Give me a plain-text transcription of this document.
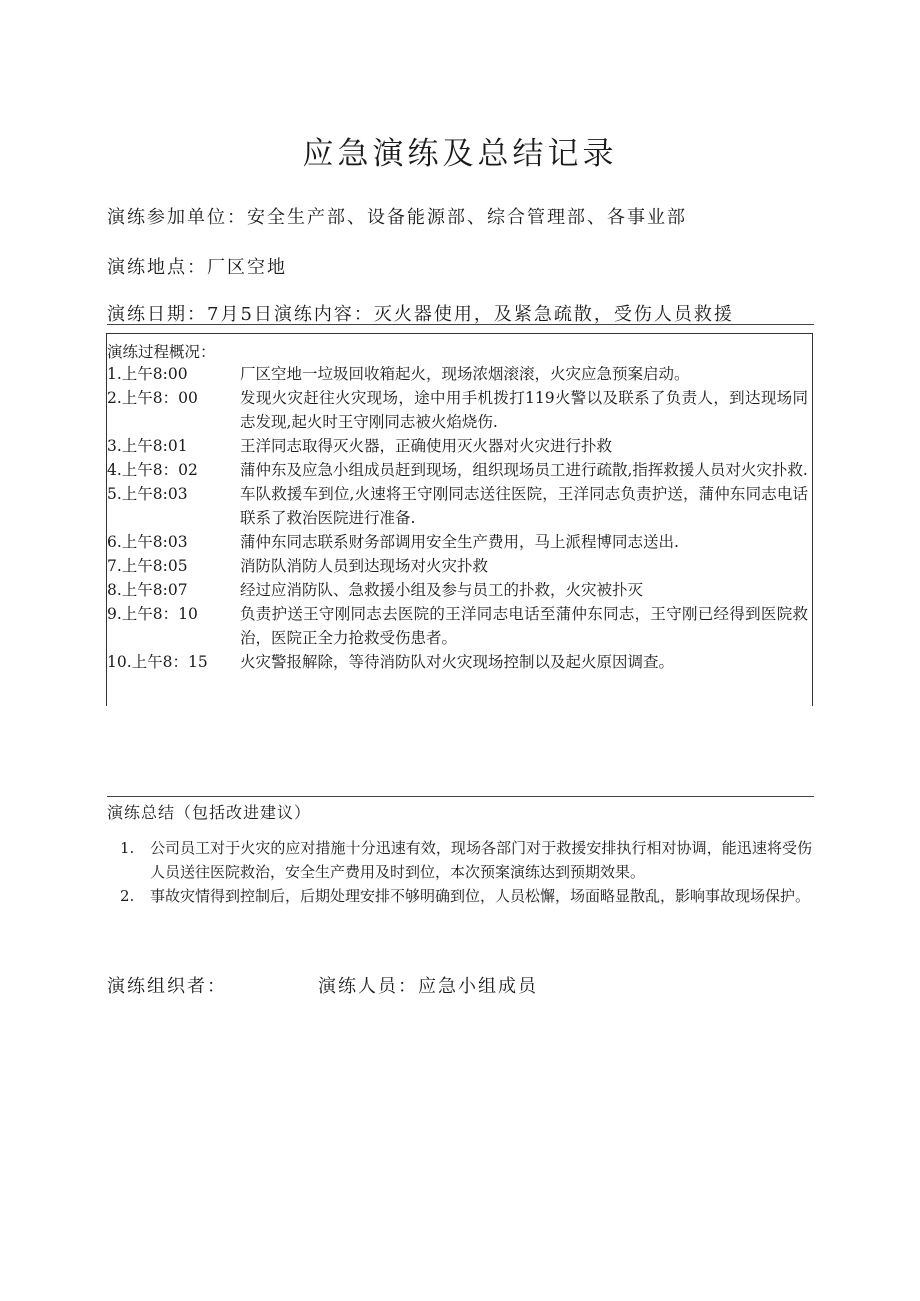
应急演练及总结记录
演练参加单位：安全生产部、设备能源部、综合管理部、各事业部
演练地点：厂区空地
演练日期：7月5日演练内容：灭火器使用，及紧急疏散，受伤人员救援
演练过程概况：
1.上午8:00	厂区空地一垃圾回收箱起火，现场浓烟滚滚，火灾应急预案启动。
2.上午8：00	发现火灾赶往火灾现场，途中用手机拨打119火警以及联系了负责人，到达现场同志发现,起火时王守刚同志被火焰烧伤.
3.上午8:01	王洋同志取得灭火器，正确使用灭火器对火灾进行扑救
4.上午8：02	蒲仲东及应急小组成员赶到现场，组织现场员工进行疏散,指挥救援人员对火灾扑救.
5.上午8:03	车队救援车到位,火速将王守刚同志送往医院，王洋同志负责护送，蒲仲东同志电话联系了救治医院进行准备.
6.上午8:03	蒲仲东同志联系财务部调用安全生产费用，马上派程博同志送出.
7.上午8:05	消防队消防人员到达现场对火灾扑救
8.上午8:07	经过应消防队、急救援小组及参与员工的扑救，火灾被扑灭
9.上午8：10	负责护送王守刚同志去医院的王洋同志电话至蒲仲东同志，王守刚已经得到医院救治，医院正全力抢救受伤患者。
10.上午8：15	火灾警报解除，等待消防队对火灾现场控制以及起火原因调查。
演练总结（包括改进建议）
1.	公司员工对于火灾的应对措施十分迅速有效，现场各部门对于救援安排执行相对协调，能迅速将受伤人员送往医院救治，安全生产费用及时到位，本次预案演练达到预期效果。
2.	事故灾情得到控制后，后期处理安排不够明确到位，人员松懈，场面略显散乱，影响事故现场保护。
演练组织者：	演练人员：应急小组成员
